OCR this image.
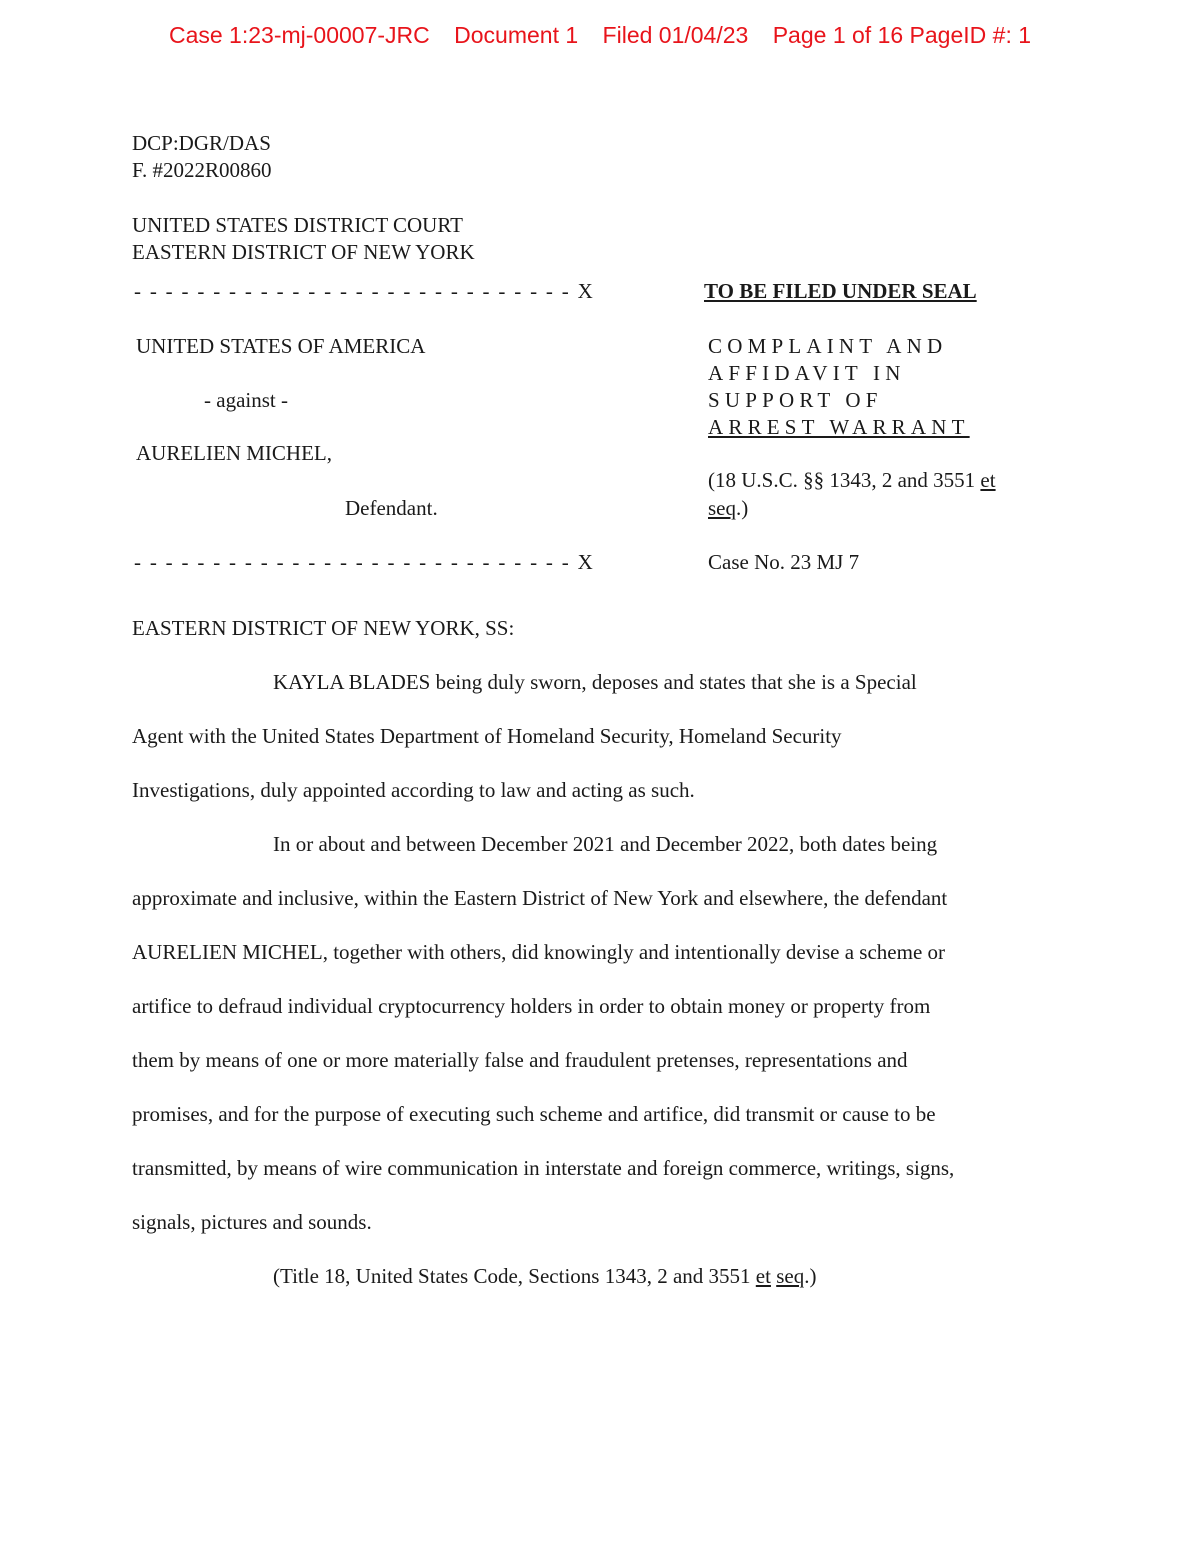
Case 1:23-mj-00007-JRC Document 1 Filed 01/04/23 Page 1 of 16 PageID #: 1
DCP:DGR/DAS
F. #2022R00860
UNITED STATES DISTRICT COURT
EASTERN DISTRICT OF NEW YORK
- - - - - - - - - - - - - - - - - - - - - - - - - - - - X
UNITED STATES OF AMERICA
- against -
AURELIEN MICHEL,
Defendant.
- - - - - - - - - - - - - - - - - - - - - - - - - - - - X
TO BE FILED UNDER SEAL
COMPLAINT AND
AFFIDAVIT IN
SUPPORT OF
ARREST WARRANT
(18 U.S.C. §§ 1343, 2 and 3551 et
seq.)
Case No. 23 MJ 7
EASTERN DISTRICT OF NEW YORK, SS:
KAYLA BLADES being duly sworn, deposes and states that she is a Special
Agent with the United States Department of Homeland Security, Homeland Security
Investigations, duly appointed according to law and acting as such.
In or about and between December 2021 and December 2022, both dates being
approximate and inclusive, within the Eastern District of New York and elsewhere, the defendant
AURELIEN MICHEL, together with others, did knowingly and intentionally devise a scheme or
artifice to defraud individual cryptocurrency holders in order to obtain money or property from
them by means of one or more materially false and fraudulent pretenses, representations and
promises, and for the purpose of executing such scheme and artifice, did transmit or cause to be
transmitted, by means of wire communication in interstate and foreign commerce, writings, signs,
signals, pictures and sounds.
(Title 18, United States Code, Sections 1343, 2 and 3551 et seq.)
